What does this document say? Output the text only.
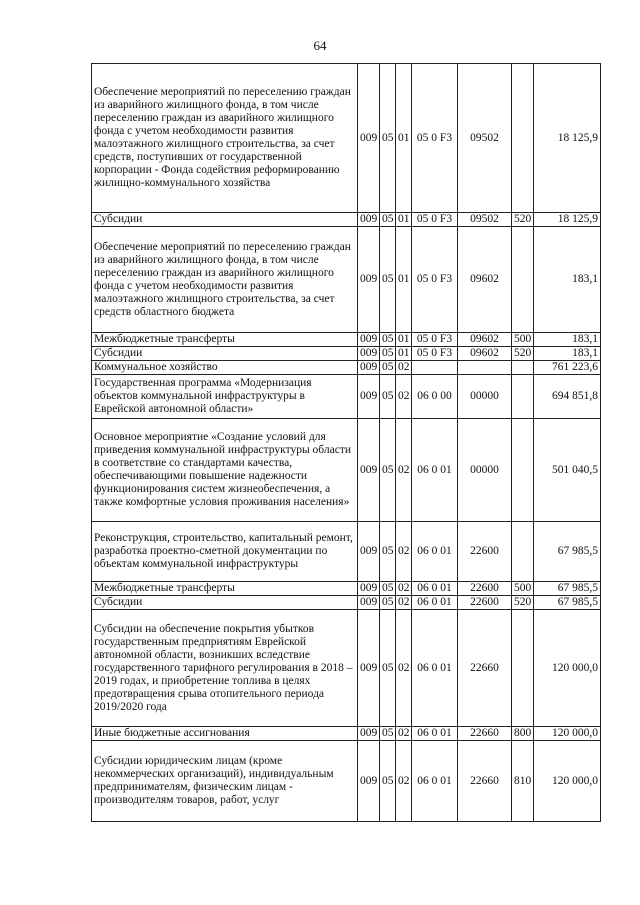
64
Обеспечение мероприятий по переселению граждан
из аварийного жилищного фонда, в том числе переселению граждан из аварийного жилищного фонда с учетом необходимости развития малоэтажного жилищного строительства, за счет средств, поступивших от государственной корпорации - Фонда содействия реформированию жилищно-коммунального хозяйства	009	05	01	05 0 F3	09502		18 125,9
Субсидии	009	05	01	05 0 F3	09502	520	18 125,9
Обеспечение мероприятий по переселению граждан из аварийного жилищного фонда, в том числе переселению граждан из аварийного жилищного фонда с учетом необходимости развития малоэтажного жилищного строительства, за счет средств областного бюджета	009	05	01	05 0 F3	09602		183,1
Межбюджетные трансферты	009	05	01	05 0 F3	09602	500	183,1
Субсидии	009	05	01	05 0 F3	09602	520	183,1
Коммунальное хозяйство	009	05	02				761 223,6
Государственная программа «Модернизация объектов коммунальной инфраструктуры в Еврейской автономной области»	009	05	02	06 0 00	00000		694 851,8
Основное мероприятие «Создание условий для приведения коммунальной инфраструктуры области в соответствие со стандартами качества, обеспечивающими повышение надежности функционирования систем жизнеобеспечения, а также комфортные условия проживания населения»	009	05	02	06 0 01	00000		501 040,5
Реконструкция, строительство, капитальный ремонт, разработка проектно-сметной документации по объектам коммунальной инфраструктуры	009	05	02	06 0 01	22600		67 985,5
Межбюджетные трансферты	009	05	02	06 0 01	22600	500	67 985,5
Субсидии	009	05	02	06 0 01	22600	520	67 985,5
Субсидии на обеспечение покрытия убытков государственным предприятиям Еврейской автономной области, возникших вследствие государственного тарифного регулирования в 2018 – 2019 годах, и приобретение топлива в целях предотвращения срыва отопительного периода 2019/2020 года	009	05	02	06 0 01	22660		120 000,0
Иные бюджетные ассигнования	009	05	02	06 0 01	22660	800	120 000,0
Субсидии юридическим лицам (кроме некоммерческих организаций), индивидуальным предпринимателям, физическим лицам - производителям товаров, работ, услуг	009	05	02	06 0 01	22660	810	120 000,0
